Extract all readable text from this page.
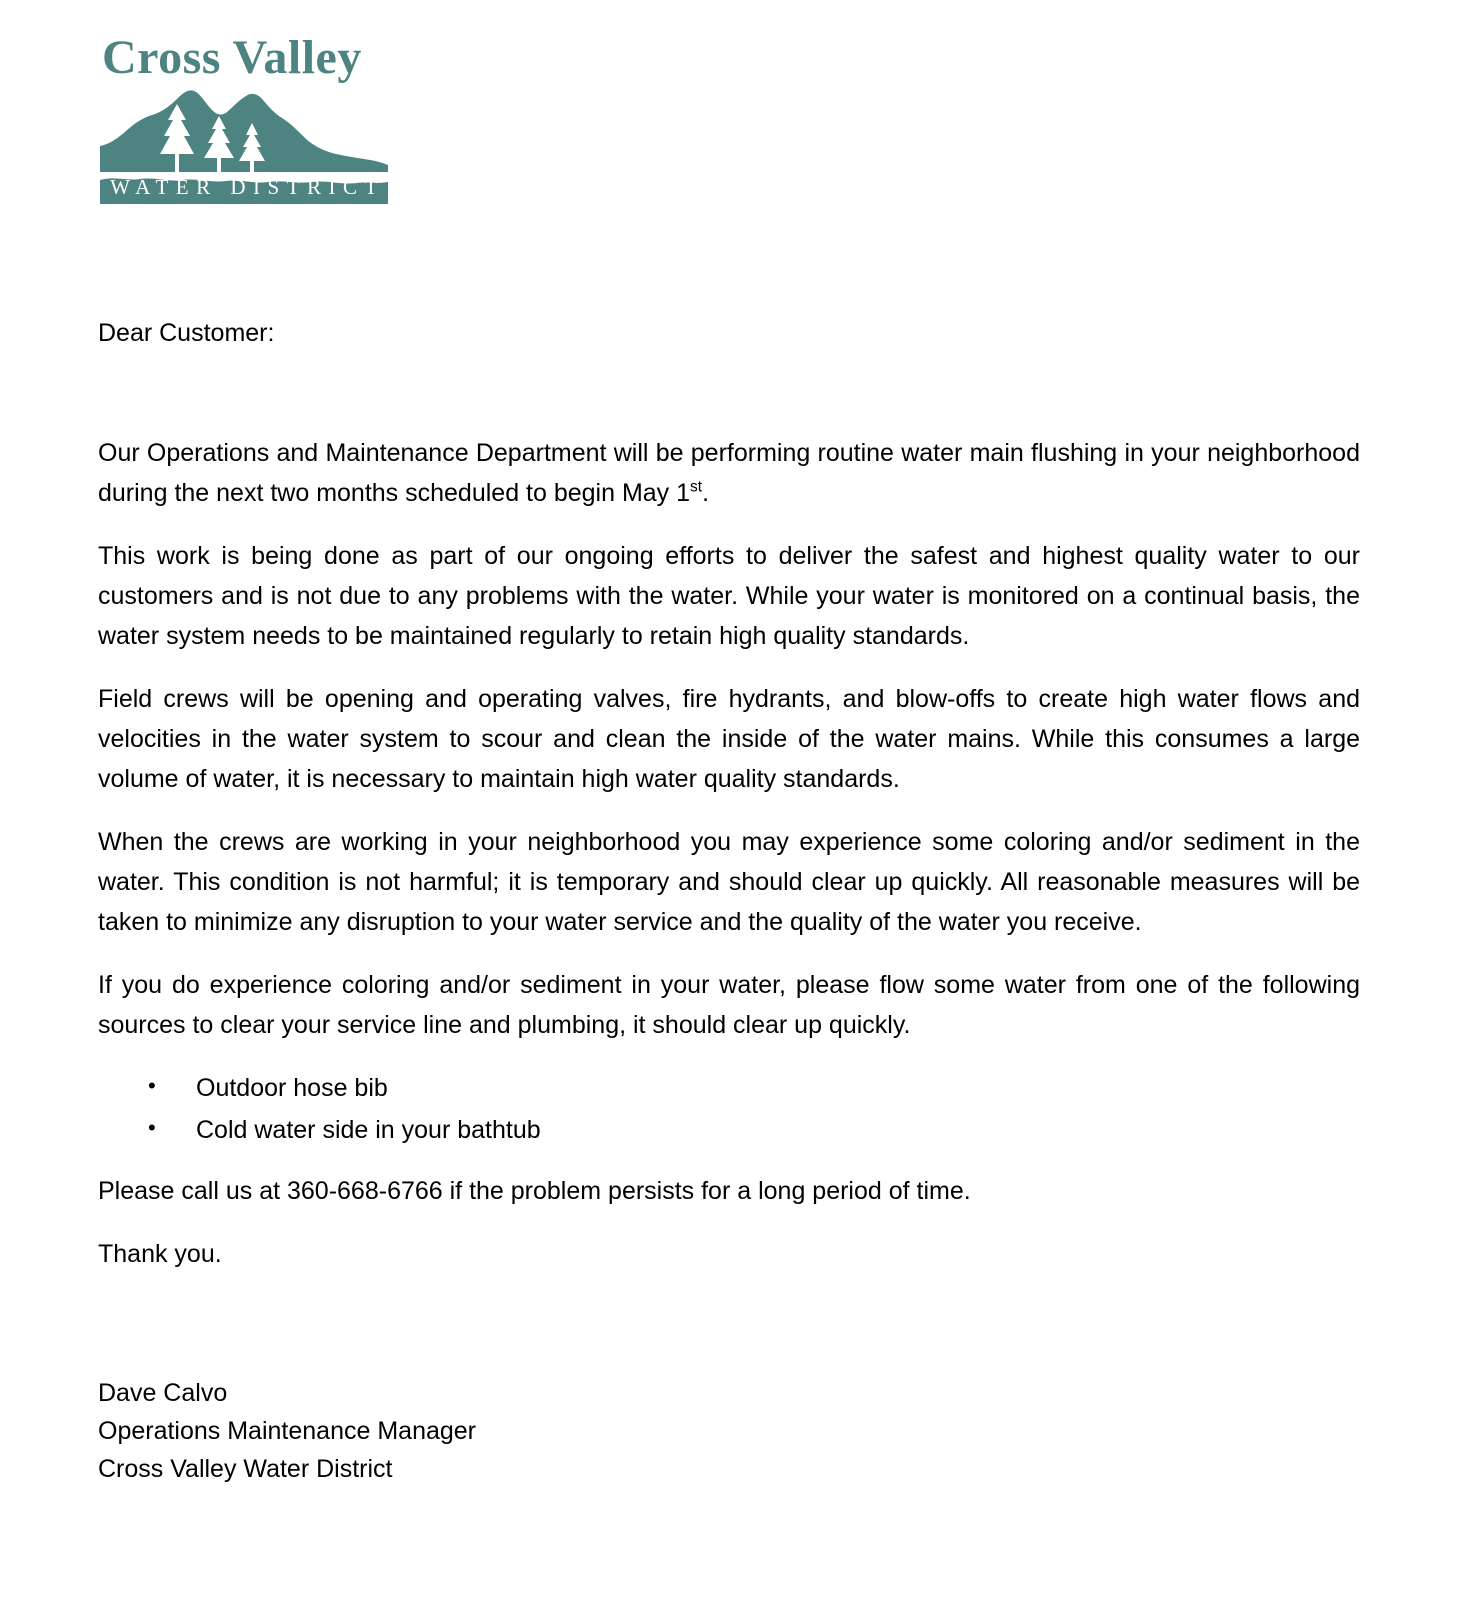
Cross Valley
WATER DISTRICT
Dear Customer:

Our Operations and Maintenance Department will be performing routine water main flushing in your neighborhood during the next two months scheduled to begin May 1st.

This work is being done as part of our ongoing efforts to deliver the safest and highest quality water to our customers and is not due to any problems with the water. While your water is monitored on a continual basis, the water system needs to be maintained regularly to retain high quality standards.

Field crews will be opening and operating valves, fire hydrants, and blow-offs to create high water flows and velocities in the water system to scour and clean the inside of the water mains. While this consumes a large volume of water, it is necessary to maintain high water quality standards.

When the crews are working in your neighborhood you may experience some coloring and/or sediment in the water. This condition is not harmful; it is temporary and should clear up quickly. All reasonable measures will be taken to minimize any disruption to your water service and the quality of the water you receive.

If you do experience coloring and/or sediment in your water, please flow some water from one of the following sources to clear your service line and plumbing, it should clear up quickly.

• Outdoor hose bib
• Cold water side in your bathtub

Please call us at 360-668-6766 if the problem persists for a long period of time.

Thank you.

Dave Calvo

Operations Maintenance Manager

Cross Valley Water District
